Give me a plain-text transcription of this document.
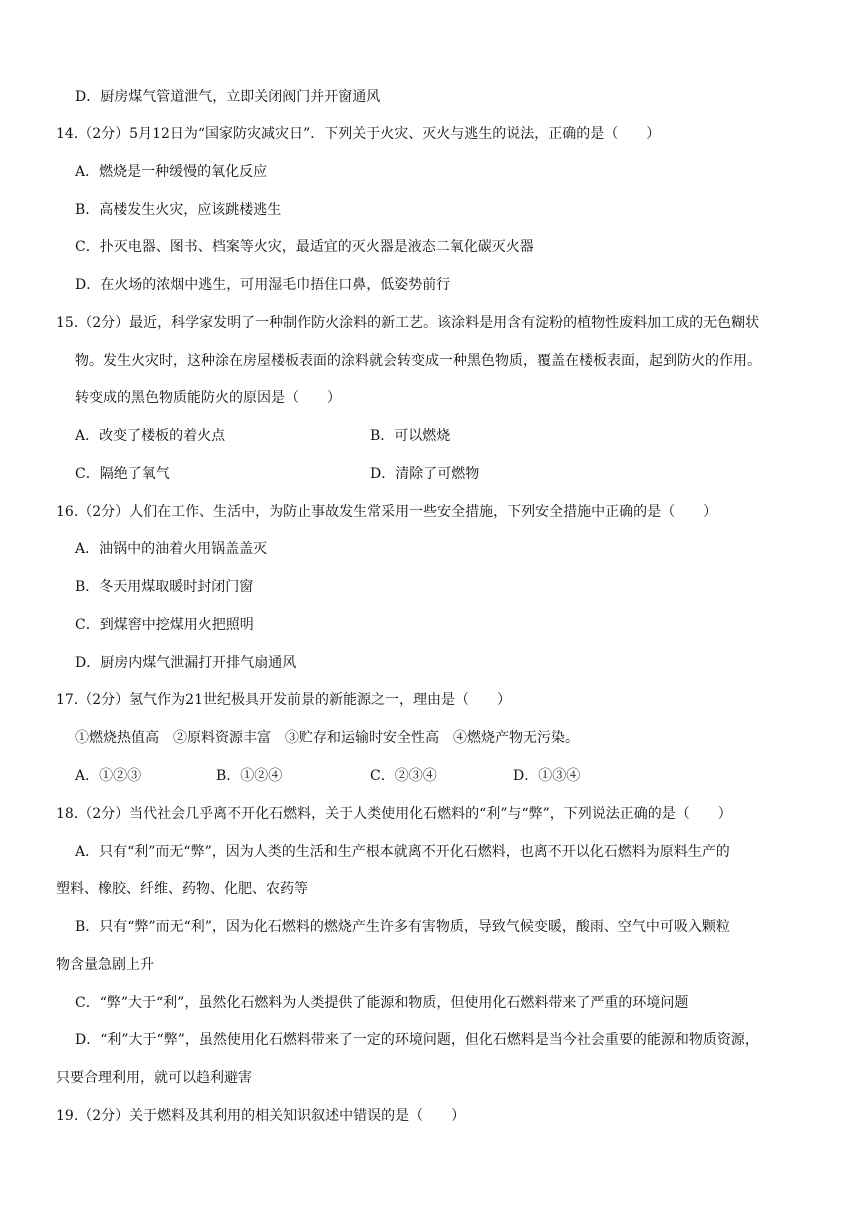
D．厨房煤气管道泄气，立即关闭阀门并开窗通风
14.（2分）5月12日为“国家防灾减灾日”．下列关于火灾、灭火与逃生的说法，正确的是（　　）
A．燃烧是一种缓慢的氧化反应
B．高楼发生火灾，应该跳楼逃生
C．扑灭电器、图书、档案等火灾，最适宜的灭火器是液态二氧化碳灭火器
D．在火场的浓烟中逃生，可用湿毛巾捂住口鼻，低姿势前行
15.（2分）最近，科学家发明了一种制作防火涂料的新工艺。该涂料是用含有淀粉的植物性废料加工成的无色糊状
物。发生火灾时，这种涂在房屋楼板表面的涂料就会转变成一种黑色物质，覆盖在楼板表面，起到防火的作用。
转变成的黑色物质能防火的原因是（　　）
A．改变了楼板的着火点	B．可以燃烧
C．隔绝了氧气	D．清除了可燃物
16.（2分）人们在工作、生活中，为防止事故发生常采用一些安全措施，下列安全措施中正确的是（　　）
A．油锅中的油着火用锅盖盖灭
B．冬天用煤取暖时封闭门窗
C．到煤窖中挖煤用火把照明
D．厨房内煤气泄漏打开排气扇通风
17.（2分）氢气作为21世纪极具开发前景的新能源之一，理由是（　　）
①燃烧热值高　②原料资源丰富　③贮存和运输时安全性高　④燃烧产物无污染。
A．①②③	B．①②④	C．②③④	D．①③④
18.（2分）当代社会几乎离不开化石燃料，关于人类使用化石燃料的“利”与“弊”，下列说法正确的是（　　）
A．只有“利”而无“弊”，因为人类的生活和生产根本就离不开化石燃料，也离不开以化石燃料为原料生产的
塑料、橡胶、纤维、药物、化肥、农药等
B．只有“弊”而无“利”，因为化石燃料的燃烧产生许多有害物质，导致气候变暖，酸雨、空气中可吸入颗粒
物含量急剧上升
C．“弊”大于“利”，虽然化石燃料为人类提供了能源和物质，但使用化石燃料带来了严重的环境问题
D．“利”大于“弊”，虽然使用化石燃料带来了一定的环境问题，但化石燃料是当今社会重要的能源和物质资源，
只要合理利用，就可以趋利避害
19.（2分）关于燃料及其利用的相关知识叙述中错误的是（　　）
